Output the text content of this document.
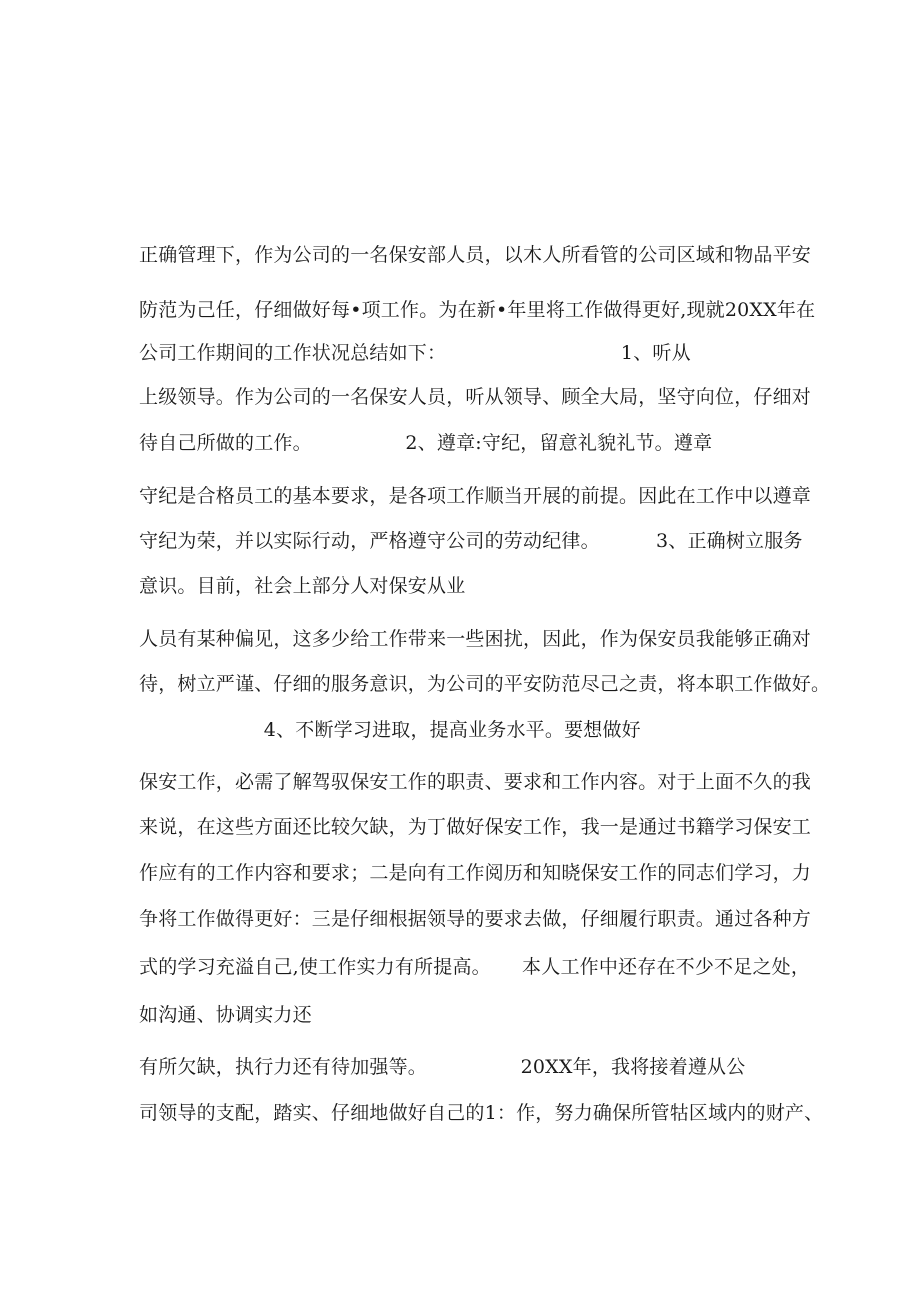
正确管理下，作为公司的一名保安部人员，以木人所看管的公司区域和物品平安
防范为己任，仔细做好每•项工作。为在新•年里将工作做得更好,现就20XX年在
公司工作期间的工作状况总结如下：                            1、听从
上级领导。作为公司的一名保安人员，听从领导、顾全大局，坚守向位，仔细对
待自己所做的工作。               2、遵章:守纪，留意礼貌礼节。遵章
守纪是合格员工的基本要求，是各项工作顺当开展的前提。因此在工作中以遵章
守纪为荣，并以实际行动，严格遵守公司的劳动纪律。         3、正确树立服务
意识。目前，社会上部分人对保安从业
人员有某种偏见，这多少给工作带来一些困扰，因此，作为保安员我能够正确对
待，树立严谨、仔细的服务意识，为公司的平安防范尽己之责，将本职工作做好。
4、不断学习进取，提高业务水平。要想做好
保安工作，必需了解驾驭保安工作的职责、要求和工作内容。对于上面不久的我
来说，在这些方面还比较欠缺，为丁做好保安工作，我一是通过书籍学习保安工
作应有的工作内容和要求；二是向有工作阅历和知晓保安工作的同志们学习，力
争将工作做得更好：三是仔细根据领导的要求去做，仔细履行职责。通过各种方
式的学习充溢自己,使工作实力有所提高。     本人工作中还存在不少不足之处，
如沟通、协调实力还
有所欠缺，执行力还有待加强等。               20XX年，我将接着遵从公
司领导的支配，踏实、仔细地做好自己的1：作，努力确保所管牯区域内的财产、
